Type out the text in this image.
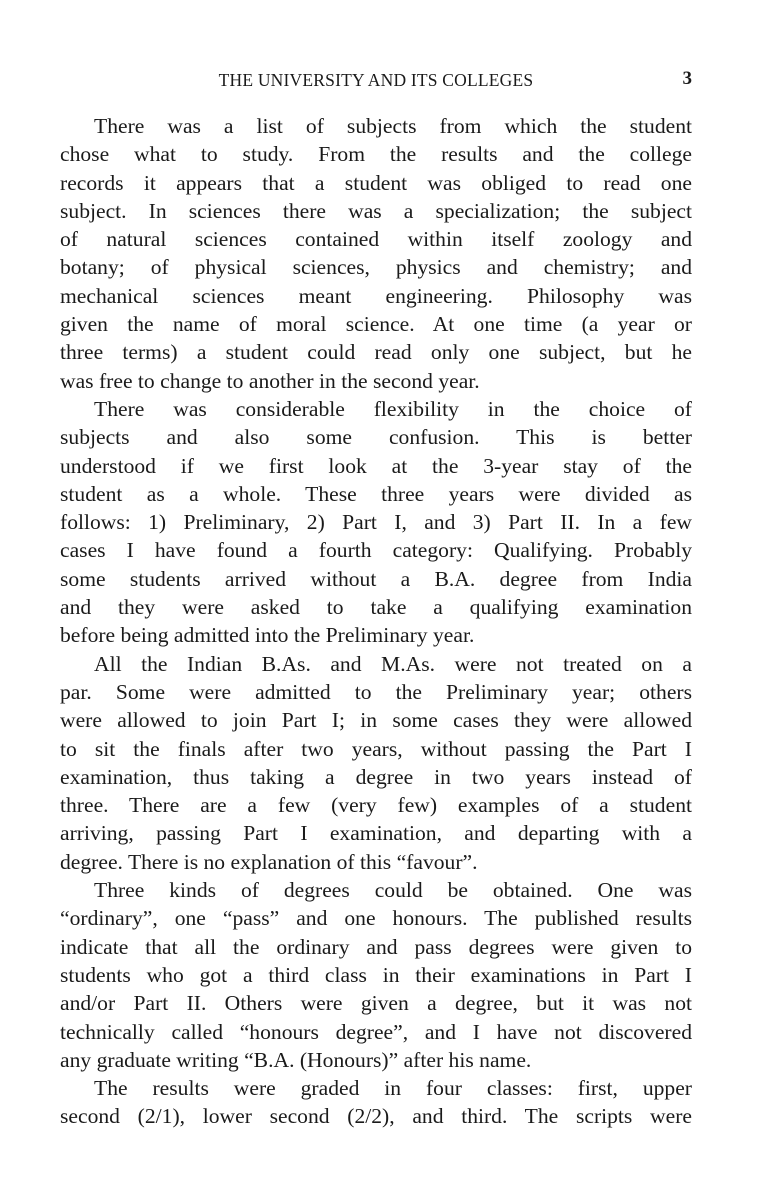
THE UNIVERSITY AND ITS COLLEGES	3

There was a list of subjects from which the student
chose what to study. From the results and the college
records it appears that a student was obliged to read one
subject. In sciences there was a specialization; the subject
of natural sciences contained within itself zoology and
botany; of physical sciences, physics and chemistry; and
mechanical sciences meant engineering. Philosophy was
given the name of moral science. At one time (a year or
three terms) a student could read only one subject, but he
was free to change to another in the second year.

There was considerable flexibility in the choice of
subjects and also some confusion. This is better
understood if we first look at the 3-year stay of the
student as a whole. These three years were divided as
follows: 1) Preliminary, 2) Part I, and 3) Part II. In a few
cases I have found a fourth category: Qualifying. Probably
some students arrived without a B.A. degree from India
and they were asked to take a qualifying examination
before being admitted into the Preliminary year.

All the Indian B.As. and M.As. were not treated on a
par. Some were admitted to the Preliminary year; others
were allowed to join Part I; in some cases they were allowed
to sit the finals after two years, without passing the Part I
examination, thus taking a degree in two years instead of
three. There are a few (very few) examples of a student
arriving, passing Part I examination, and departing with a
degree. There is no explanation of this “favour”.

Three kinds of degrees could be obtained. One was
“ordinary”, one “pass” and one honours. The published results
indicate that all the ordinary and pass degrees were given to
students who got a third class in their examinations in Part I
and/or Part II. Others were given a degree, but it was not
technically called “honours degree”, and I have not discovered
any graduate writing “B.A. (Honours)” after his name.

The results were graded in four classes: first, upper
second (2/1), lower second (2/2), and third. The scripts were
